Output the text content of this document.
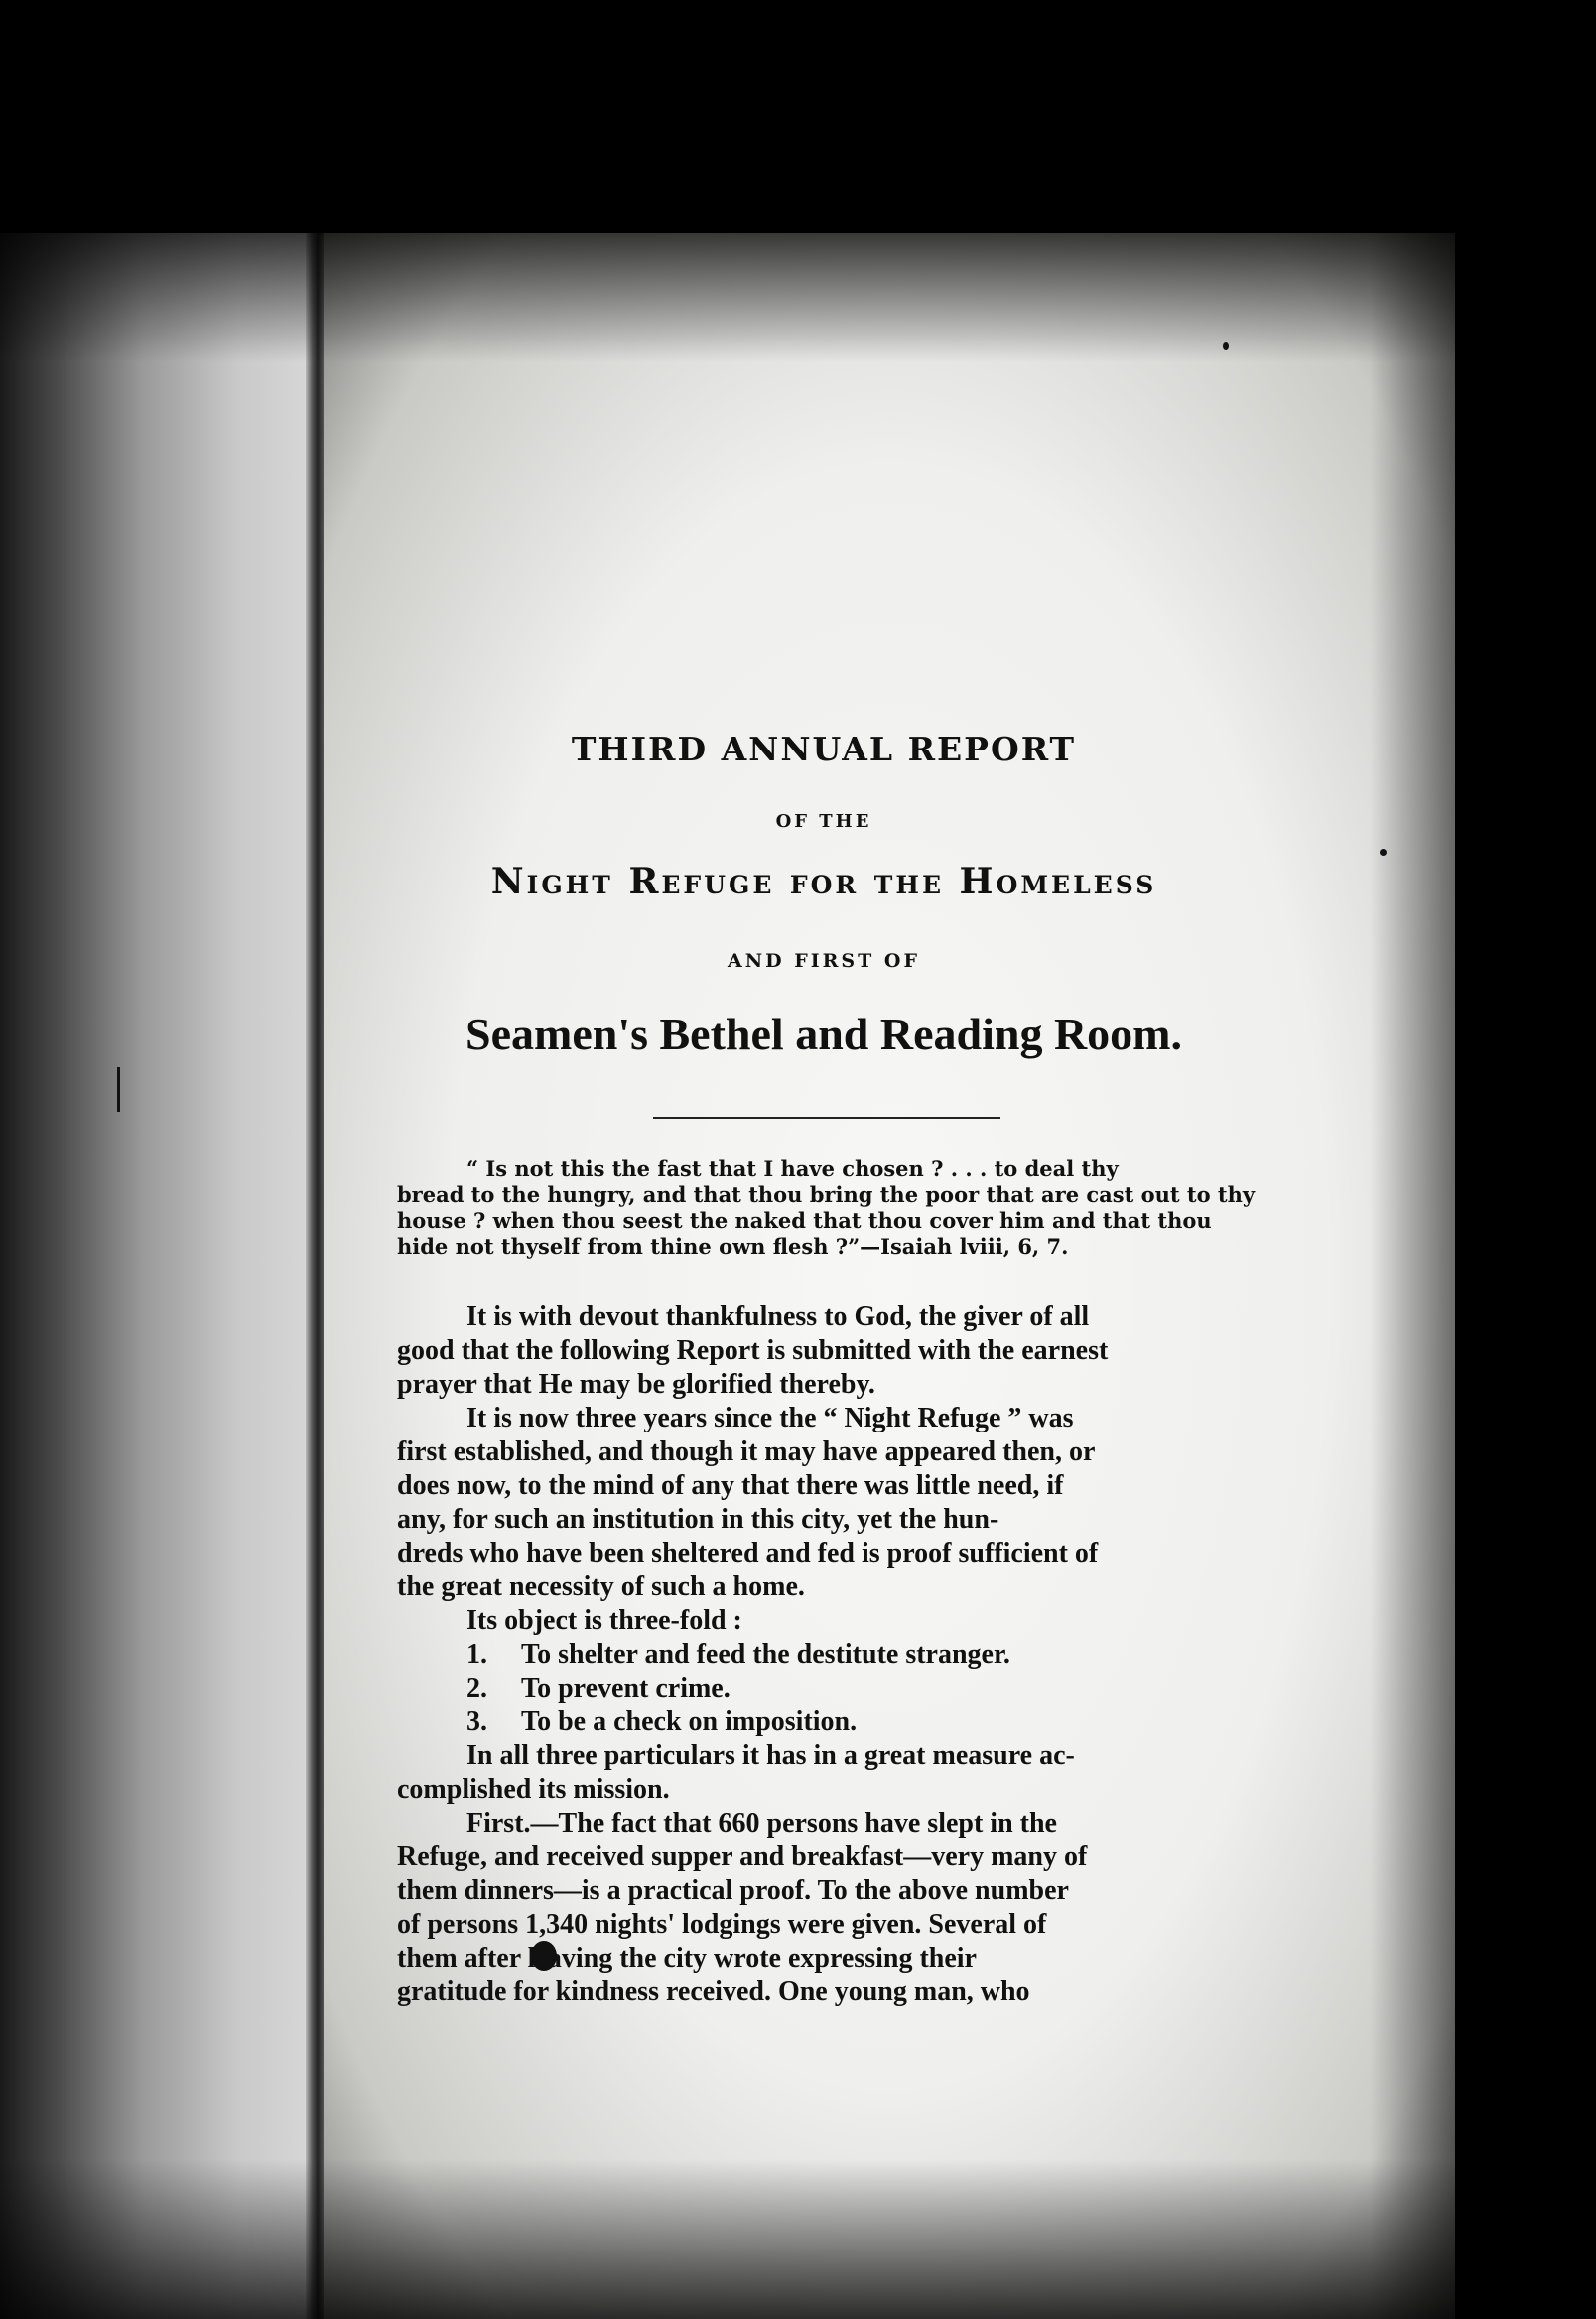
THIRD ANNUAL REPORT
OF THE
Night Refuge for the Homeless
AND FIRST OF
Seamen's Bethel and Reading Room.
“ Is not this the fast that I have chosen ? . . . to deal thy
bread to the hungry, and that thou bring the poor that are cast out to thy
house ? when thou seest the naked that thou cover him and that thou
hide not thyself from thine own flesh ?”—Isaiah lviii, 6, 7.
It is with devout thankfulness to God, the giver of all
good that the following Report is submitted with the earnest
prayer that He may be glorified thereby.
It is now three years since the “ Night Refuge ” was
first established, and though it may have appeared then, or
does now, to the mind of any that there was little need, if
any, for such an institution in this city, yet the hun-
dreds who have been sheltered and fed is proof sufficient of
the great necessity of such a home.
Its object is three-fold :
1. To shelter and feed the destitute stranger.
2. To prevent crime.
3. To be a check on imposition.
In all three particulars it has in a great measure ac-
complished its mission.
First.—The fact that 660 persons have slept in the
Refuge, and received supper and breakfast—very many of
them dinners—is a practical proof. To the above number
of persons 1,340 nights' lodgings were given. Several of
them after leaving the city wrote expressing their
gratitude for kindness received. One young man, who
